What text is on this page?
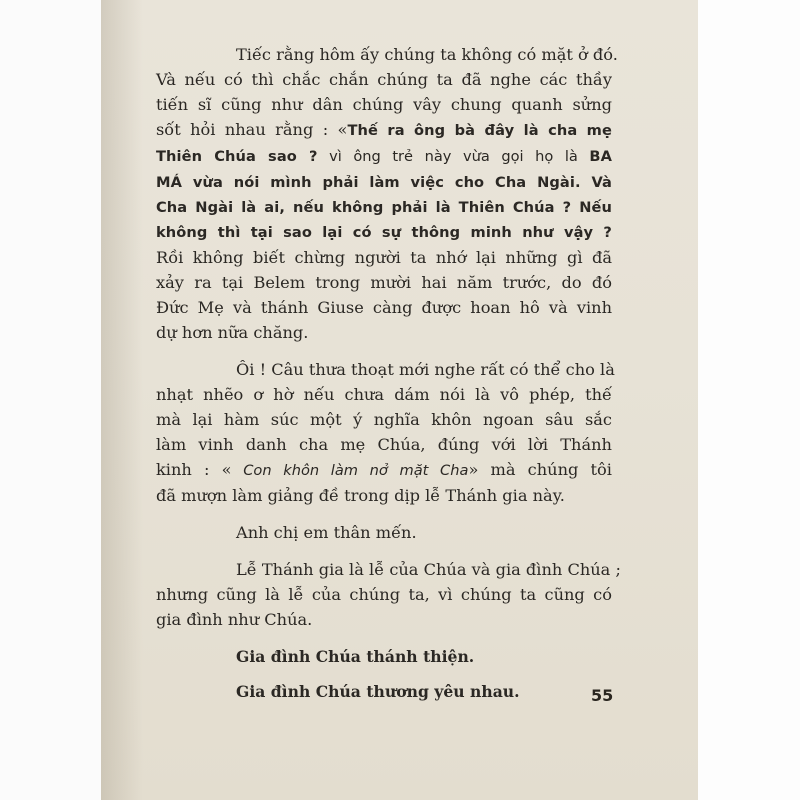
Tiếc rằng hôm ấy chúng ta không có mặt ở đó.
Và nếu có thì chắc chắn chúng ta đã nghe các thầy
tiến sĩ cũng như dân chúng vây chung quanh sửng
sốt hỏi nhau rằng : «Thế ra ông bà đây là cha mẹ
Thiên Chúa sao ? vì ông trẻ này vừa gọi họ là BA
MÁ vừa nói mình phải làm việc cho Cha Ngài. Và
Cha Ngài là ai, nếu không phải là Thiên Chúa ? Nếu
không thì tại sao lại có sự thông minh như vậy ?
Rồi không biết chừng người ta nhớ lại những gì đã
xảy ra tại Belem trong mười hai năm trước, do đó
Đức Mẹ và thánh Giuse càng được hoan hô và vinh
dự hơn nữa chăng.
Ôi ! Câu thưa thoạt mới nghe rất có thể cho là
nhạt nhẽo ơ hờ nếu chưa dám nói là vô phép, thế
mà lại hàm súc một ý nghĩa khôn ngoan sâu sắc
làm vinh danh cha mẹ Chúa, đúng với lời Thánh
kinh : « Con khôn làm nở mặt Cha» mà chúng tôi
đã mượn làm giảng đề trong dịp lễ Thánh gia này.
Anh chị em thân mến.
Lễ Thánh gia là lễ của Chúa và gia đình Chúa ;
nhưng cũng là lễ của chúng ta, vì chúng ta cũng có
gia đình như Chúa.
Gia đình Chúa thánh thiện.
Gia đình Chúa thương yêu nhau.	55
